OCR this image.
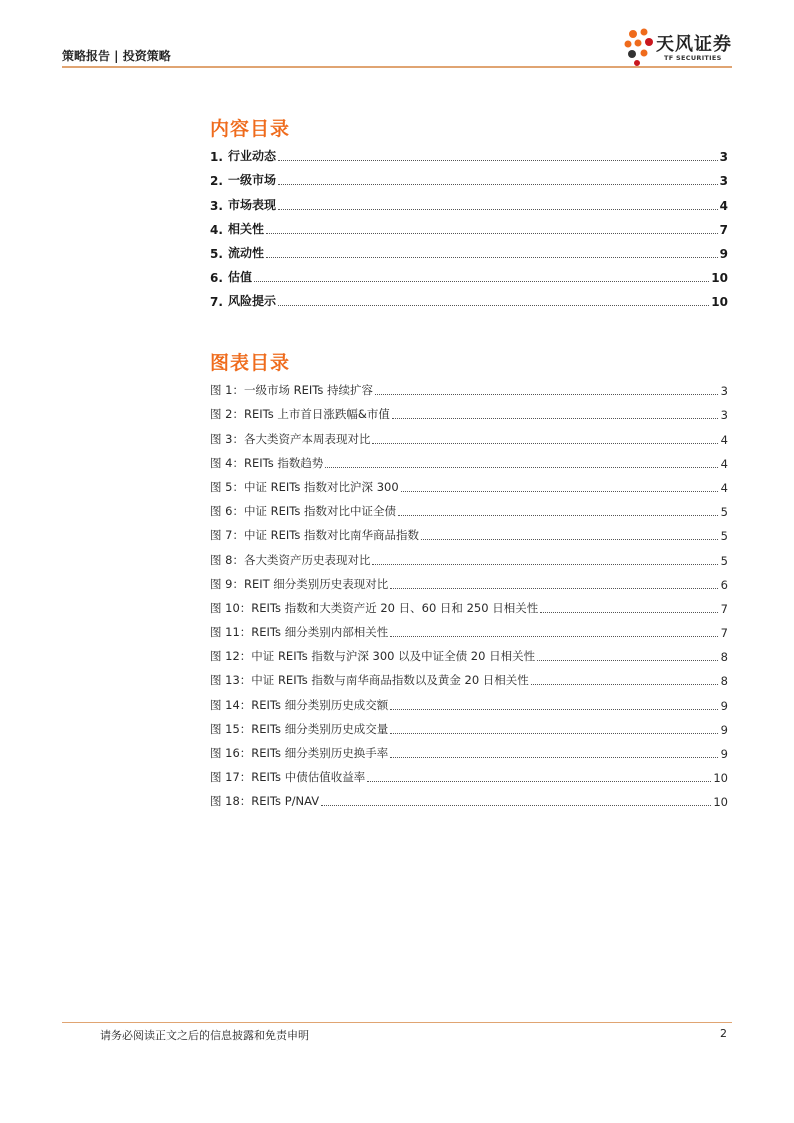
策略报告 | 投资策略
天风证券
TF SECURITIES
内容目录
1. 行业动态	3
2. 一级市场	3
3. 市场表现	4
4. 相关性	7
5. 流动性	9
6. 估值	10
7. 风险提示	10
图表目录
图 1：一级市场 REITs 持续扩容	3
图 2：REITs 上市首日涨跌幅&市值	3
图 3：各大类资产本周表现对比	4
图 4：REITs 指数趋势	4
图 5：中证 REITs 指数对比沪深 300	4
图 6：中证 REITs 指数对比中证全债	5
图 7：中证 REITs 指数对比南华商品指数	5
图 8：各大类资产历史表现对比	5
图 9：REIT 细分类别历史表现对比	6
图 10：REITs 指数和大类资产近 20 日、60 日和 250 日相关性	7
图 11：REITs 细分类别内部相关性	7
图 12：中证 REITs 指数与沪深 300 以及中证全债 20 日相关性	8
图 13：中证 REITs 指数与南华商品指数以及黄金 20 日相关性	8
图 14：REITs 细分类别历史成交额	9
图 15：REITs 细分类别历史成交量	9
图 16：REITs 细分类别历史换手率	9
图 17：REITs 中债估值收益率	10
图 18：REITs P/NAV	10
请务必阅读正文之后的信息披露和免责申明	2
